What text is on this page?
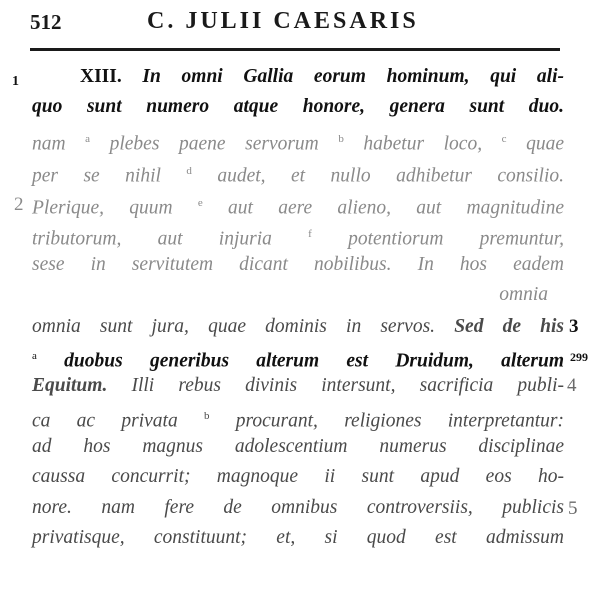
512	C. JULII CAESARIS
XIII. In omni Gallia eorum hominum, qui ali-
quo sunt numero atque honore, genera sunt duo.
nam $^a$ plebes paene servorum $^b$ habetur loco, $^c$ quae
per se nihil $^d$ audet, et nullo adhibetur consilio.
Plerique, quum $^e$ aut aere alieno, aut magnitudine
tributorum, aut injuria $^f$ potentiorum premuntur,
sese in servitutem dicant nobilibus. In hos eadem
omnia
omnia sunt jura, quae dominis in servos. Sed de his
$^a$ duobus generibus alterum est Druidum, alterum
Equitum. Illi rebus divinis intersunt, sacrificia publi-
ca ac privata $^b$ procurant, religiones interpretantur:
ad hos magnus adolescentium numerus disciplinae
caussa concurrit; magnoque ii sunt apud eos ho-
nore. nam fere de omnibus controversiis, publicis
privatisque, constituunt; et, si quod est admissum
1
2
3
299
4
5
